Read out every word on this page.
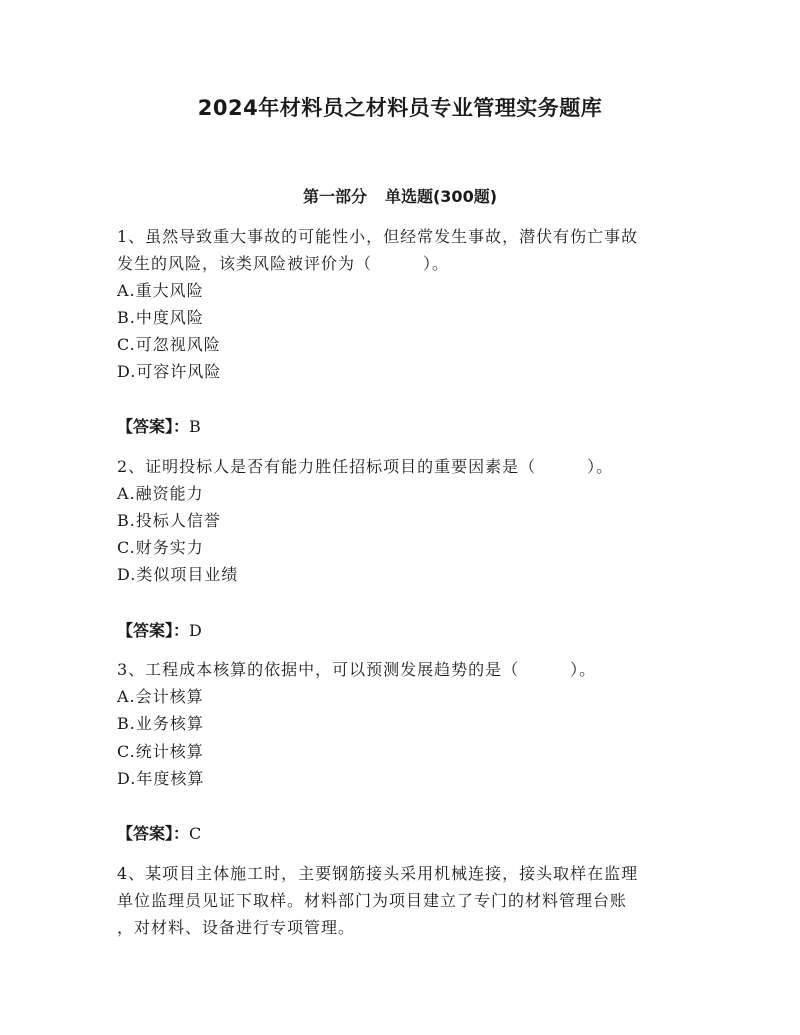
2024年材料员之材料员专业管理实务题库
第一部分 单选题(300题)
1、虽然导致重大事故的可能性小，但经常发生事故，潜伏有伤亡事故
发生的风险，该类风险被评价为（　　　）。
A.重大风险
B.中度风险
C.可忽视风险
D.可容许风险
【答案】：B
2、证明投标人是否有能力胜任招标项目的重要因素是（　　　）。
A.融资能力
B.投标人信誉
C.财务实力
D.类似项目业绩
【答案】：D
3、工程成本核算的依据中，可以预测发展趋势的是（　　　）。
A.会计核算
B.业务核算
C.统计核算
D.年度核算
【答案】：C
4、某项目主体施工时，主要钢筋接头采用机械连接，接头取样在监理
单位监理员见证下取样。材料部门为项目建立了专门的材料管理台账
，对材料、设备进行专项管理。
